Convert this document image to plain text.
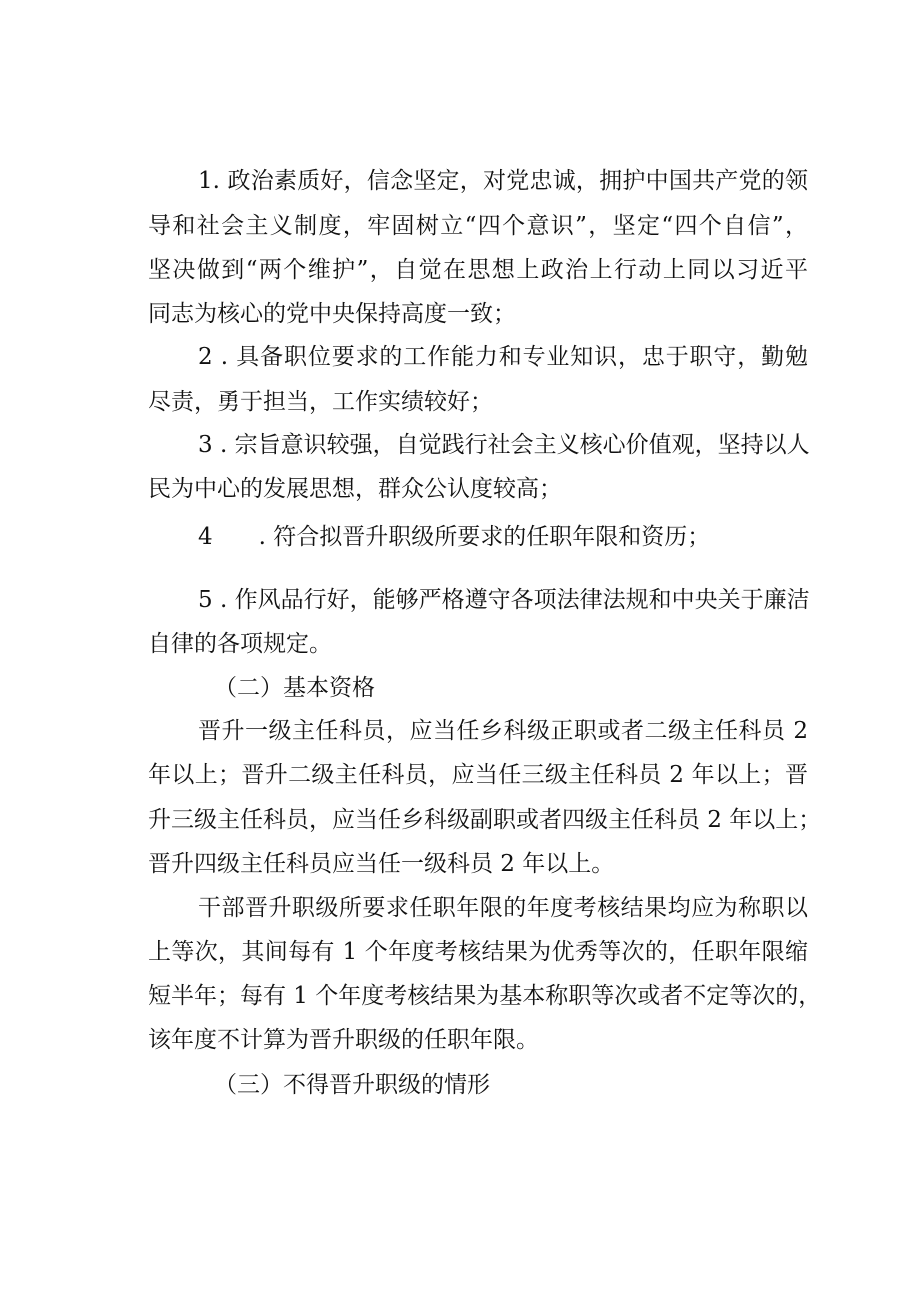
1. 政治素质好，信念坚定，对党忠诚，拥护中国共产党的领
导和社会主义制度，牢固树立“四个意识”，坚定“四个自信”，
坚决做到“两个维护”，自觉在思想上政治上行动上同以习近平
同志为核心的党中央保持高度一致；
2 . 具备职位要求的工作能力和专业知识，忠于职守，勤勉
尽责，勇于担当，工作实绩较好；
3 . 宗旨意识较强，自觉践行社会主义核心价值观，坚持以人
民为中心的发展思想，群众公认度较高；
4　　. 符合拟晋升职级所要求的任职年限和资历；
5 . 作风品行好，能够严格遵守各项法律法规和中央关于廉洁
自律的各项规定。
（二）基本资格
晋升一级主任科员，应当任乡科级正职或者二级主任科员 2
年以上；晋升二级主任科员，应当任三级主任科员 2 年以上；晋
升三级主任科员，应当任乡科级副职或者四级主任科员 2 年以上；
晋升四级主任科员应当任一级科员 2 年以上。
干部晋升职级所要求任职年限的年度考核结果均应为称职以
上等次，其间每有 1 个年度考核结果为优秀等次的，任职年限缩
短半年；每有 1 个年度考核结果为基本称职等次或者不定等次的，
该年度不计算为晋升职级的任职年限。
（三）不得晋升职级的情形
